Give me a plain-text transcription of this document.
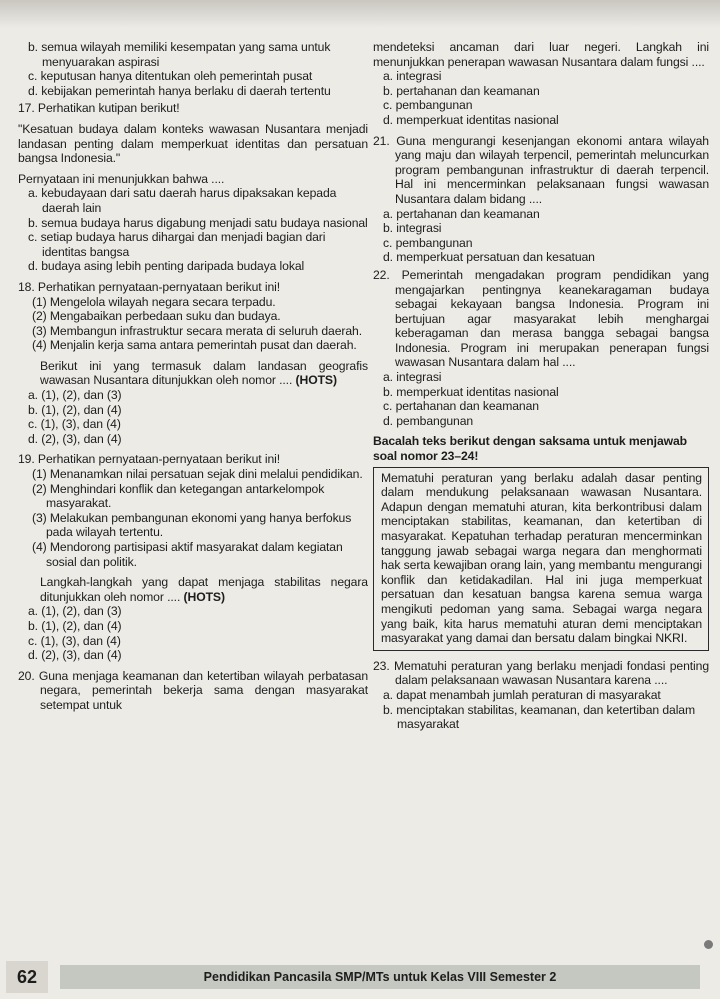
b. semua wilayah memiliki kesempatan yang sama untuk menyuarakan aspirasi

c. keputusan hanya ditentukan oleh pemerintah pusat

d. kebijakan pemerintah hanya berlaku di daerah tertentu

17. Perhatikan kutipan berikut!

"Kesatuan budaya dalam konteks wawasan Nusantara menjadi landasan penting dalam memperkuat identitas dan persatuan bangsa Indonesia."

Pernyataan ini menunjukkan bahwa ....

a. kebudayaan dari satu daerah harus dipaksakan kepada daerah lain

b. semua budaya harus digabung menjadi satu budaya nasional

c. setiap budaya harus dihargai dan menjadi bagian dari identitas bangsa

d. budaya asing lebih penting daripada budaya lokal

18. Perhatikan pernyataan-pernyataan berikut ini!

(1) Mengelola wilayah negara secara terpadu.

(2) Mengabaikan perbedaan suku dan budaya.

(3) Membangun infrastruktur secara merata di seluruh daerah.

(4) Menjalin kerja sama antara pemerintah pusat dan daerah.

Berikut ini yang termasuk dalam landasan geografis wawasan Nusantara ditunjukkan oleh nomor .... (HOTS)

a. (1), (2), dan (3)

b. (1), (2), dan (4)

c. (1), (3), dan (4)

d. (2), (3), dan (4)

19. Perhatikan pernyataan-pernyataan berikut ini!

(1) Menanamkan nilai persatuan sejak dini melalui pendidikan.

(2) Menghindari konflik dan ketegangan antarkelompok masyarakat.

(3) Melakukan pembangunan ekonomi yang hanya berfokus pada wilayah tertentu.

(4) Mendorong partisipasi aktif masyarakat dalam kegiatan sosial dan politik.

Langkah-langkah yang dapat menjaga stabilitas negara ditunjukkan oleh nomor .... (HOTS)

a. (1), (2), dan (3)

b. (1), (2), dan (4)

c. (1), (3), dan (4)

d. (2), (3), dan (4)

20. Guna menjaga keamanan dan ketertiban wilayah perbatasan negara, pemerintah bekerja sama dengan masyarakat setempat untuk

mendeteksi ancaman dari luar negeri. Langkah ini menunjukkan penerapan wawasan Nusantara dalam fungsi ....

a. integrasi

b. pertahanan dan keamanan

c. pembangunan

d. memperkuat identitas nasional

21. Guna mengurangi kesenjangan ekonomi antara wilayah yang maju dan wilayah terpencil, pemerintah meluncurkan program pembangunan infrastruktur di daerah terpencil. Hal ini mencerminkan pelaksanaan fungsi wawasan Nusantara dalam bidang ....

a. pertahanan dan keamanan

b. integrasi

c. pembangunan

d. memperkuat persatuan dan kesatuan

22. Pemerintah mengadakan program pendidikan yang mengajarkan pentingnya keanekaragaman budaya sebagai kekayaan bangsa Indonesia. Program ini bertujuan agar masyarakat lebih menghargai keberagaman dan merasa bangga sebagai bangsa Indonesia. Program ini merupakan penerapan fungsi wawasan Nusantara dalam hal ....

a. integrasi

b. memperkuat identitas nasional

c. pertahanan dan keamanan

d. pembangunan

Bacalah teks berikut dengan saksama untuk menjawab soal nomor 23–24!

Mematuhi peraturan yang berlaku adalah dasar penting dalam mendukung pelaksanaan wawasan Nusantara. Adapun dengan mematuhi aturan, kita berkontribusi dalam menciptakan stabilitas, keamanan, dan ketertiban di masyarakat. Kepatuhan terhadap peraturan mencerminkan tanggung jawab sebagai warga negara dan menghormati hak serta kewajiban orang lain, yang membantu mengurangi konflik dan ketidakadilan. Hal ini juga memperkuat persatuan dan kesatuan bangsa karena semua warga mengikuti pedoman yang sama. Sebagai warga negara yang baik, kita harus mematuhi aturan demi menciptakan masyarakat yang damai dan bersatu dalam bingkai NKRI.

23. Mematuhi peraturan yang berlaku menjadi fondasi penting dalam pelaksanaan wawasan Nusantara karena ....

a. dapat menambah jumlah peraturan di masyarakat

b. menciptakan stabilitas, keamanan, dan ketertiban dalam masyarakat

62	Pendidikan Pancasila SMP/MTs untuk Kelas VIII Semester 2
